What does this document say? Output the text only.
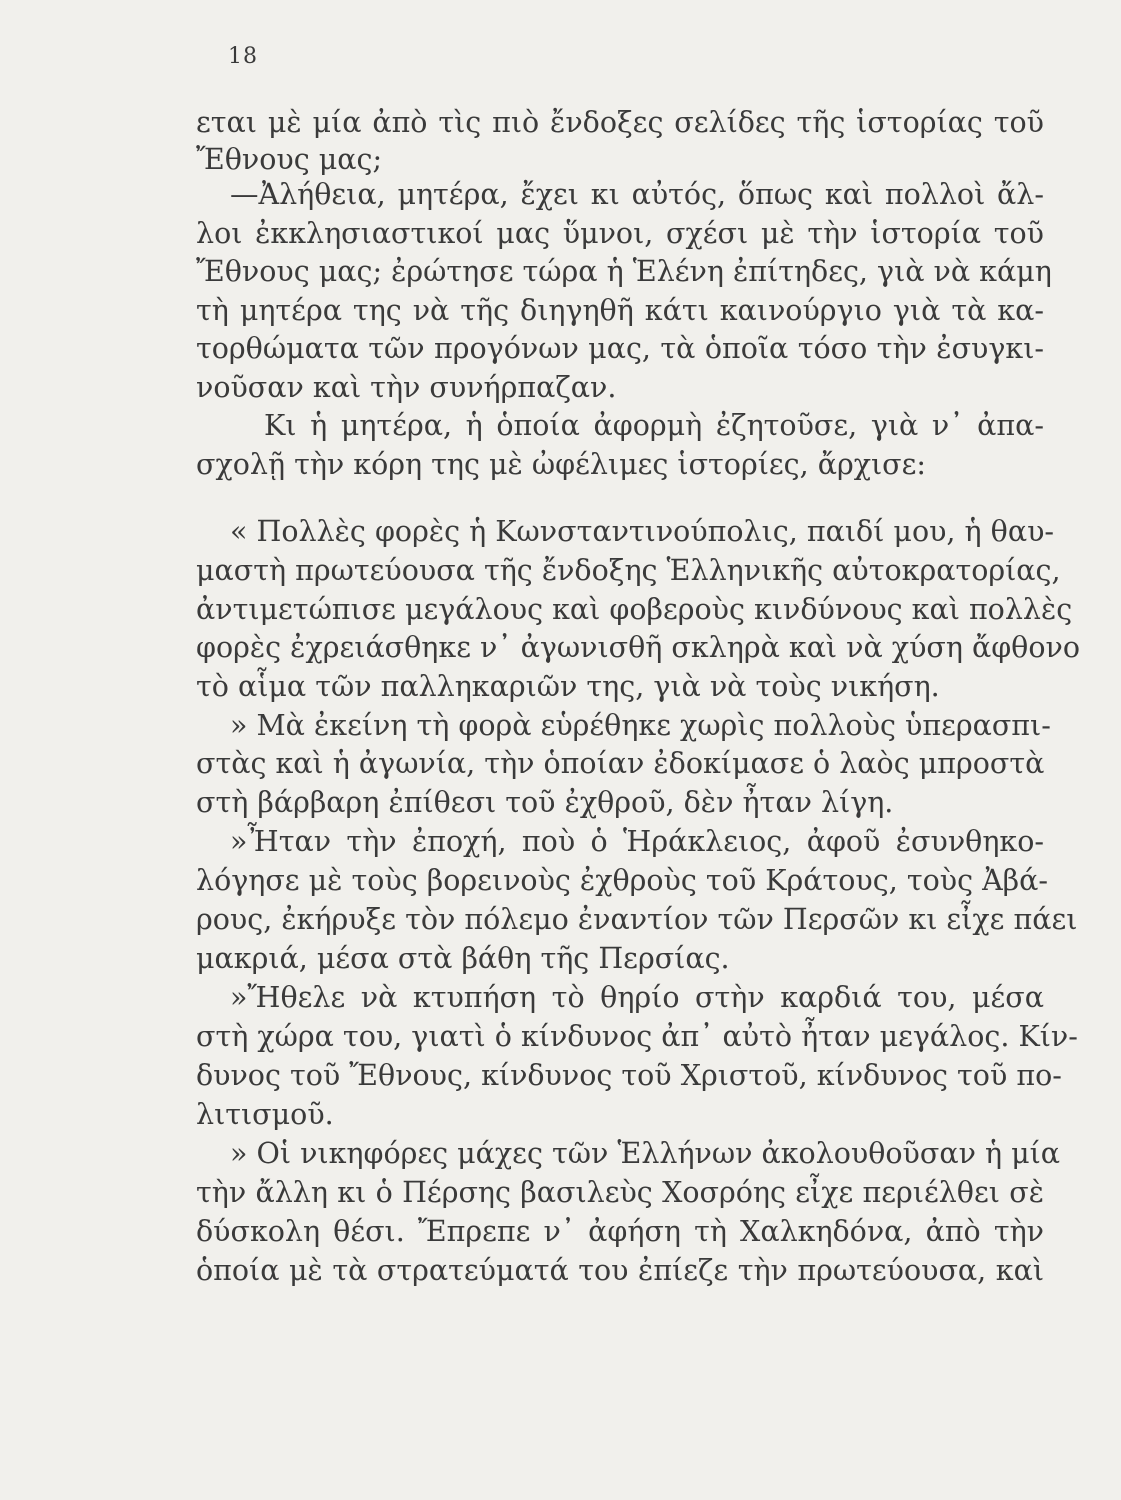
18
εται μὲ μία ἀπὸ τὶς πιὸ ἔνδοξες σελίδες τῆς ἱστορίας τοῦ
Ἔθνους μας;
—Ἀλήθεια, μητέρα, ἔχει κι αὐτός, ὅπως καὶ πολλοὶ ἄλ-
λοι ἐκκλησιαστικοί μας ὕμνοι, σχέσι μὲ τὴν ἱστορία τοῦ
Ἔθνους μας; ἐρώτησε τώρα ἡ Ἑλένη ἐπίτηδες, γιὰ νὰ κάμη
τὴ μητέρα της νὰ τῆς διηγηθῆ κάτι καινούργιο γιὰ τὰ κα-
τορθώματα τῶν προγόνων μας, τὰ ὁποῖα τόσο τὴν ἐσυγκι-
νοῦσαν καὶ τὴν συνήρπαζαν.
Κι ἡ μητέρα, ἡ ὁποία ἀφορμὴ ἐζητοῦσε, γιὰ ν᾿ ἀπα-
σχολῇ τὴν κόρη της μὲ ὠφέλιμες ἱστορίες, ἄρχισε:
« Πολλὲς φορὲς ἡ Κωνσταντινούπολις, παιδί μου, ἡ θαυ-
μαστὴ πρωτεύουσα τῆς ἔνδοξης Ἑλληνικῆς αὐτοκρατορίας,
ἀντιμετώπισε μεγάλους καὶ φοβεροὺς κινδύνους καὶ πολλὲς
φορὲς ἐχρειάσθηκε ν᾿ ἀγωνισθῆ σκληρὰ καὶ νὰ χύση ἄφθονο
τὸ αἷμα τῶν παλληκαριῶν της, γιὰ νὰ τοὺς νικήση.
» Μὰ ἐκείνη τὴ φορὰ εὑρέθηκε χωρὶς πολλοὺς ὑπερασπι-
στὰς καὶ ἡ ἀγωνία, τὴν ὁποίαν ἐδοκίμασε ὁ λαὸς μπροστὰ
στὴ βάρβαρη ἐπίθεσι τοῦ ἐχθροῦ, δὲν ἦταν λίγη.
»Ἦταν τὴν ἐποχή, ποὺ ὁ Ἡράκλειος, ἀφοῦ ἐσυνθηκο-
λόγησε μὲ τοὺς βορεινοὺς ἐχθροὺς τοῦ Κράτους, τοὺς Ἀβά-
ρους, ἐκήρυξε τὸν πόλεμο ἐναντίον τῶν Περσῶν κι εἶχε πάει
μακριά, μέσα στὰ βάθη τῆς Περσίας.
»Ἤθελε νὰ κτυπήση τὸ θηρίο στὴν καρδιά του, μέσα
στὴ χώρα του, γιατὶ ὁ κίνδυνος ἀπ᾿ αὐτὸ ἦταν μεγάλος. Κίν-
δυνος τοῦ Ἔθνους, κίνδυνος τοῦ Χριστοῦ, κίνδυνος τοῦ πο-
λιτισμοῦ.
» Οἱ νικηφόρες μάχες τῶν Ἑλλήνων ἀκολουθοῦσαν ἡ μία
τὴν ἄλλη κι ὁ Πέρσης βασιλεὺς Χοσρόης εἶχε περιέλθει σὲ
δύσκολη θέσι. Ἔπρεπε ν᾿ ἀφήση τὴ Χαλκηδόνα, ἀπὸ τὴν
ὁποία μὲ τὰ στρατεύματά του ἐπίεζε τὴν πρωτεύουσα, καὶ
